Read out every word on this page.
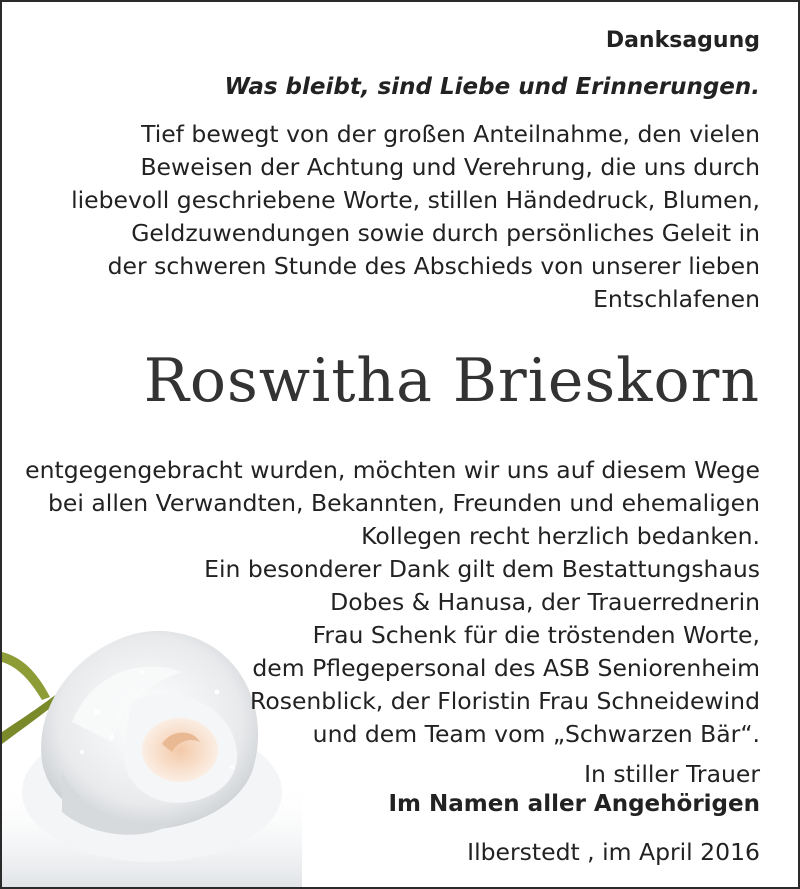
Danksagung

Was bleibt, sind Liebe und Erinnerungen.

Tief bewegt von der großen Anteilnahme, den vielen
Beweisen der Achtung und Verehrung, die uns durch
liebevoll geschriebene Worte, stillen Händedruck, Blumen,
Geldzuwendungen sowie durch persönliches Geleit in
der schweren Stunde des Abschieds von unserer lieben
Entschlafenen

Roswitha Brieskorn

entgegengebracht wurden, möchten wir uns auf diesem Wege
bei allen Verwandten, Bekannten, Freunden und ehemaligen
Kollegen recht herzlich bedanken.
Ein besonderer Dank gilt dem Bestattungshaus
Dobes & Hanusa, der Trauerrednerin
Frau Schenk für die tröstenden Worte,
dem Pflegepersonal des ASB Seniorenheim
Rosenblick, der Floristin Frau Schneidewind
und dem Team vom „Schwarzen Bär“.

In stiller Trauer

Im Namen aller Angehörigen

Ilberstedt , im April 2016
